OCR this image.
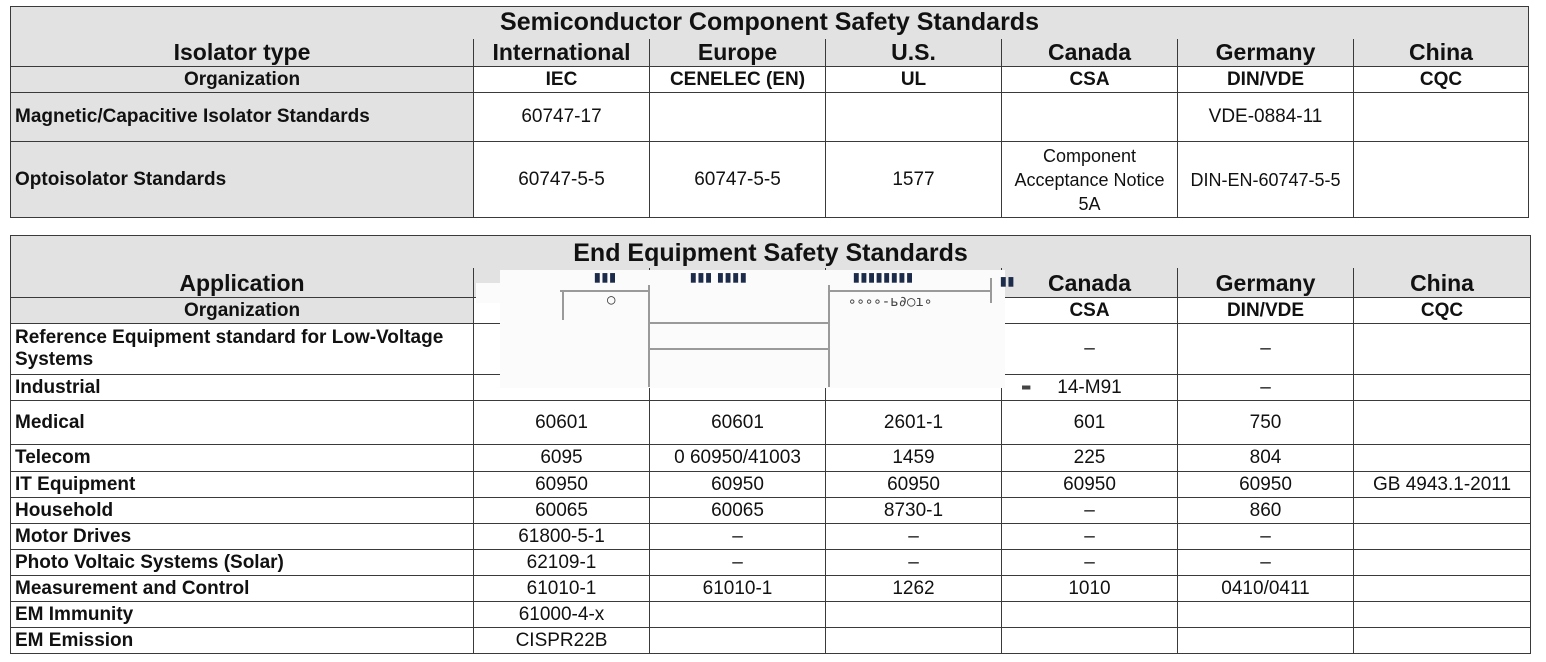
Semiconductor Component Safety Standards						
Isolator type	International	Europe	U.S.	Canada	Germany	China
Organization	IEC	CENELEC (EN)	UL	CSA	DIN/VDE	CQC
Magnetic/Capacitive Isolator Standards	60747-17				VDE-0884-11	
Optoisolator Standards	60747-5-5	60747-5-5	1577	Component Acceptance Notice 5A	DIN-EN-60747-5-5	
End Equipment Safety Standards						
Application				Canada	Germany	China
Organization				CSA	DIN/VDE	CQC
Reference Equipment standard for Low-Voltage Systems				–	–	
Industrial				14-M91	–	
Medical	60601	60601	2601-1	601	750	
Telecom	6095	0 60950/41003	1459	225	804	
IT Equipment	60950	60950	60950	60950	60950	GB 4943.1-2011
Household	60065	60065	8730-1	–	860	
Motor Drives	61800-5-1	–	–	–	–	
Photo Voltaic Systems (Solar)	62109-1	–	–	–	–	
Measurement and Control	61010-1	61010-1	1262	1010	0410/0411	
EM Immunity	61000-4-x					
EM Emission	CISPR22B					
○	∘∘∘∘-ь∂○ı∘
▮▮▮	▮▮▮ ▮▮▮▮	▮▮▮▮▮▮▮▮	▮▮
▬
